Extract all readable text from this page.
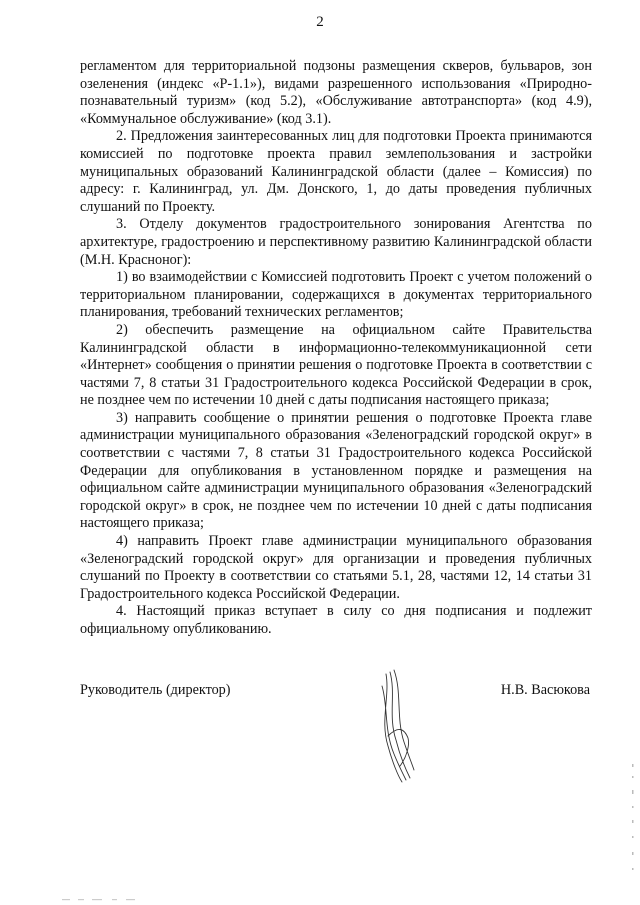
2

регламентом для территориальной подзоны размещения скверов, бульваров, зон озеленения (индекс «Р-1.1»), видами разрешенного использования «Природно-познавательный туризм» (код 5.2), «Обслуживание автотранспорта» (код 4.9), «Коммунальное обслуживание» (код 3.1).

2. Предложения заинтересованных лиц для подготовки Проекта принимаются комиссией по подготовке проекта правил землепользования и застройки муниципальных образований Калининградской области (далее – Комиссия) по адресу: г. Калининград, ул. Дм. Донского, 1, до даты проведения публичных слушаний по Проекту.

3. Отделу документов градостроительного зонирования Агентства по архитектуре, градостроению и перспективному развитию Калининградской области (М.Н. Красноног):

1) во взаимодействии с Комиссией подготовить Проект с учетом положений о территориальном планировании, содержащихся в документах территориального планирования, требований технических регламентов;

2) обеспечить размещение на официальном сайте Правительства Калининградской области в информационно-телекоммуникационной сети «Интернет» сообщения о принятии решения о подготовке Проекта в соответствии с частями 7, 8 статьи 31 Градостроительного кодекса Российской Федерации в срок, не позднее чем по истечении 10 дней с даты подписания настоящего приказа;

3) направить сообщение о принятии решения о подготовке Проекта главе администрации муниципального образования «Зеленоградский городской округ» в соответствии с частями 7, 8 статьи 31 Градостроительного кодекса Российской Федерации для опубликования в установленном порядке и размещения на официальном сайте администрации муниципального образования «Зеленоградский городской округ» в срок, не позднее чем по истечении 10 дней с даты подписания настоящего приказа;

4) направить Проект главе администрации муниципального образования «Зеленоградский городской округ» для организации и проведения публичных слушаний по Проекту в соответствии со статьями 5.1, 28, частями 12, 14 статьи 31 Градостроительного кодекса Российской Федерации.

4. Настоящий приказ вступает в силу со дня подписания и подлежит официальному опубликованию.

Руководитель (директор)	Н.В. Васюкова
